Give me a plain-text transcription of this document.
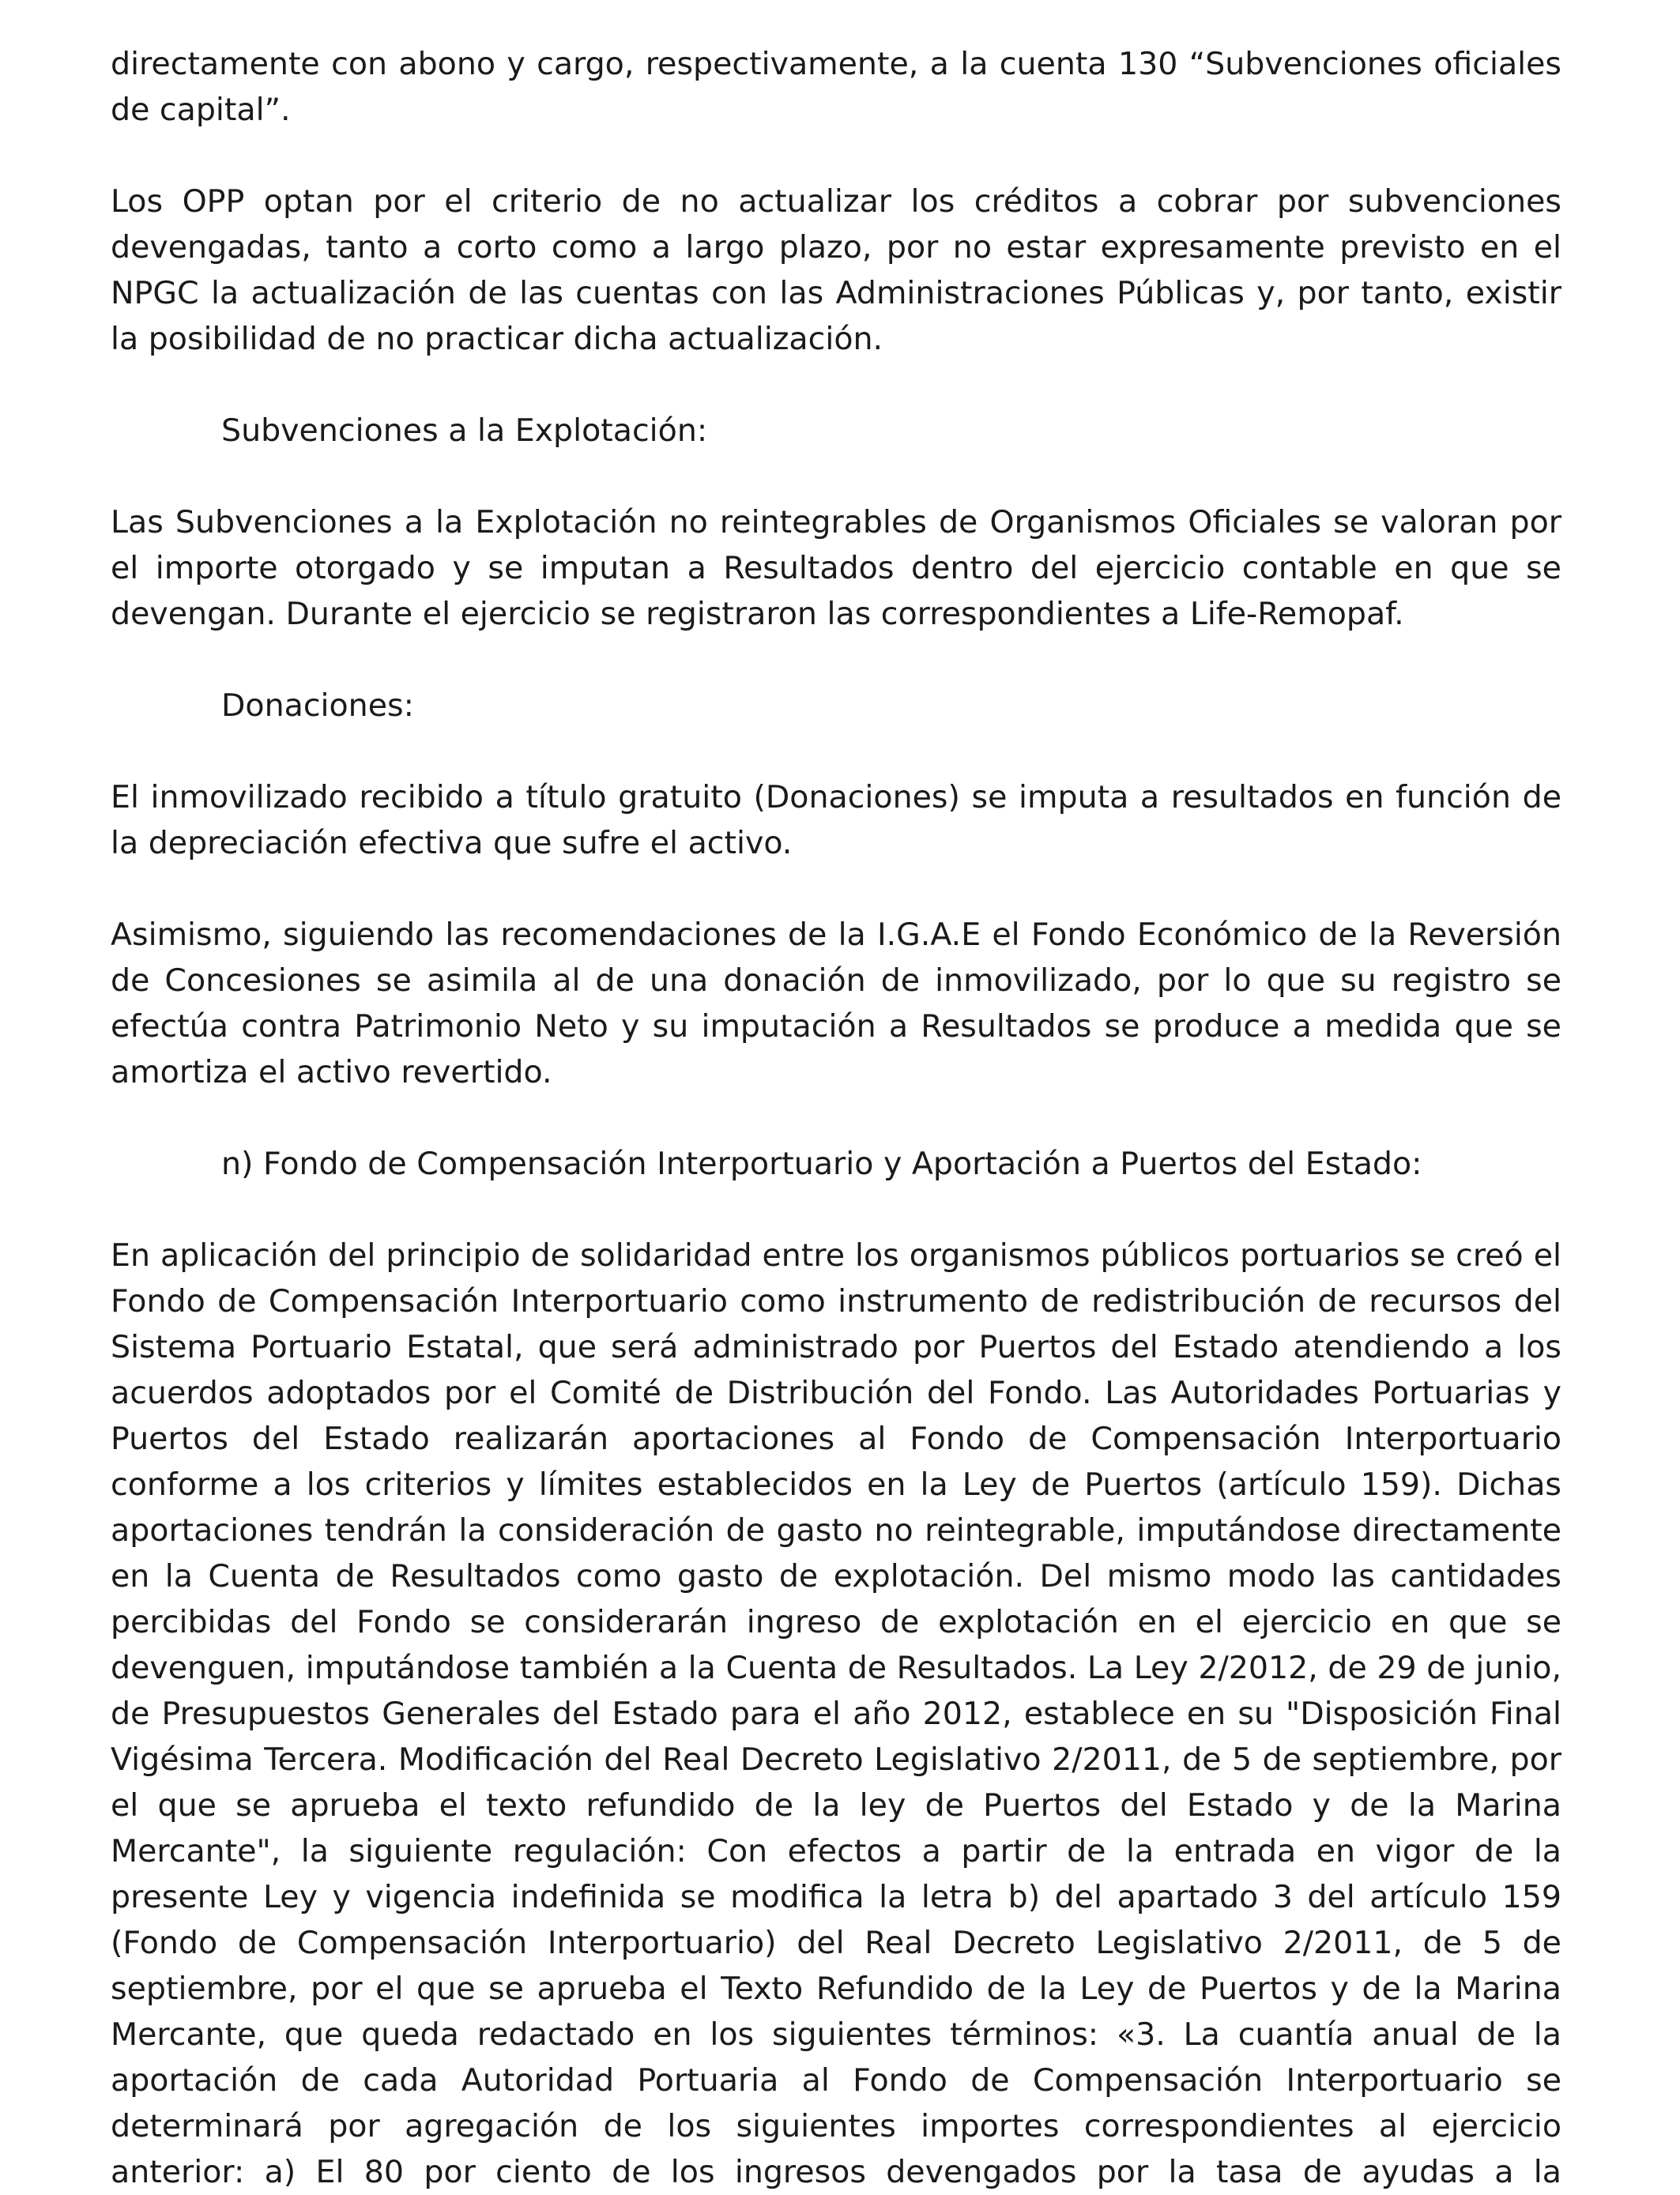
directamente con abono y cargo, respectivamente, a la cuenta 130 “Subvenciones oficiales de capital”.

Los OPP optan por el criterio de no actualizar los créditos a cobrar por subvenciones devengadas, tanto a corto como a largo plazo, por no estar expresamente previsto en el NPGC la actualización de las cuentas con las Administraciones Públicas y, por tanto, existir la posibilidad de no practicar dicha actualización.

Subvenciones a la Explotación:

Las Subvenciones a la Explotación no reintegrables de Organismos Oficiales se valoran por el importe otorgado y se imputan a Resultados dentro del ejercicio contable en que se devengan. Durante el ejercicio se registraron las correspondientes a Life-Remopaf.

Donaciones:

El inmovilizado recibido a título gratuito (Donaciones) se imputa a resultados en función de la depreciación efectiva que sufre el activo.

Asimismo, siguiendo las recomendaciones de la I.G.A.E el Fondo Económico de la Reversión de Concesiones se asimila al de una donación de inmovilizado, por lo que su registro se efectúa contra Patrimonio Neto y su imputación a Resultados se produce a medida que se amortiza el activo revertido.

n) Fondo de Compensación Interportuario y Aportación a Puertos del Estado:

En aplicación del principio de solidaridad entre los organismos públicos portuarios se creó el Fondo de Compensación Interportuario como instrumento de redistribución de recursos del Sistema Portuario Estatal, que será administrado por Puertos del Estado atendiendo a los acuerdos adoptados por el Comité de Distribución del Fondo. Las Autoridades Portuarias y Puertos del Estado realizarán aportaciones al Fondo de Compensación Interportuario conforme a los criterios y límites establecidos en la Ley de Puertos (artículo 159). Dichas aportaciones tendrán la consideración de gasto no reintegrable, imputándose directamente en la Cuenta de Resultados como gasto de explotación. Del mismo modo las cantidades percibidas del Fondo se considerarán ingreso de explotación en el ejercicio en que se devenguen, imputándose también a la Cuenta de Resultados. La Ley 2/2012, de 29 de junio, de Presupuestos Generales del Estado para el año 2012, establece en su "Disposición Final Vigésima Tercera. Modificación del Real Decreto Legislativo 2/2011, de 5 de septiembre, por el que se aprueba el texto refundido de la ley de Puertos del Estado y de la Marina Mercante", la siguiente regulación: Con efectos a partir de la entrada en vigor de la presente Ley y vigencia indefinida se modifica la letra b) del apartado 3 del artículo 159 (Fondo de Compensación Interportuario) del Real Decreto Legislativo 2/2011, de 5 de septiembre, por el que se aprueba el Texto Refundido de la Ley de Puertos y de la Marina Mercante, que queda redactado en los siguientes términos: «3. La cuantía anual de la aportación de cada Autoridad Portuaria al Fondo de Compensación Interportuario se determinará por agregación de los siguientes importes correspondientes al ejercicio anterior: a) El 80 por ciento de los ingresos devengados por la tasa de ayudas a la
